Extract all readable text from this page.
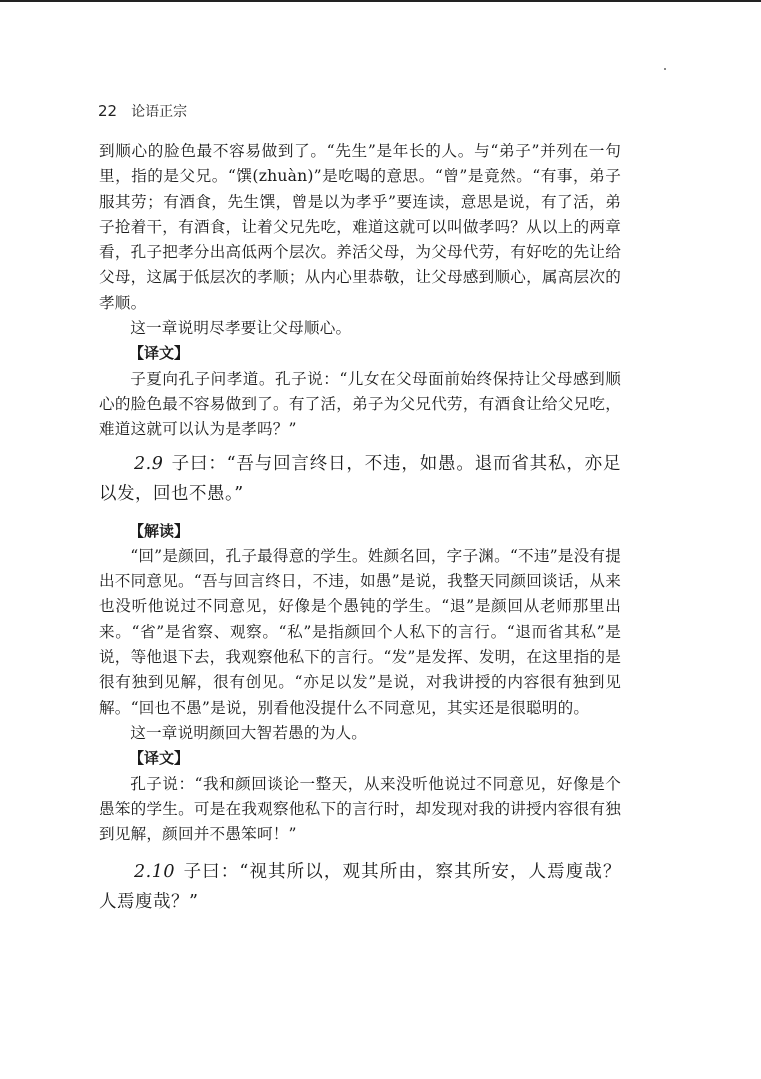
22 论语正宗

到顺心的脸色最不容易做到了。“先生”是年长的人。与“弟子”并列在一句里，指的是父兄。“馔(zhuàn)”是吃喝的意思。“曾”是竟然。“有事，弟子服其劳；有酒食，先生馔，曾是以为孝乎”要连读，意思是说，有了活，弟子抢着干，有酒食，让着父兄先吃，难道这就可以叫做孝吗？从以上的两章看，孔子把孝分出高低两个层次。养活父母，为父母代劳，有好吃的先让给父母，这属于低层次的孝顺；从内心里恭敬，让父母感到顺心，属高层次的孝顺。

这一章说明尽孝要让父母顺心。

【译文】

子夏向孔子问孝道。孔子说：“儿女在父母面前始终保持让父母感到顺心的脸色最不容易做到了。有了活，弟子为父兄代劳，有酒食让给父兄吃，难道这就可以认为是孝吗？”

2.9 子曰：“吾与回言终日，不违，如愚。退而省其私，亦足以发，回也不愚。”

【解读】

“回”是颜回，孔子最得意的学生。姓颜名回，字子渊。“不违”是没有提出不同意见。“吾与回言终日，不违，如愚”是说，我整天同颜回谈话，从来也没听他说过不同意见，好像是个愚钝的学生。“退”是颜回从老师那里出来。“省”是省察、观察。“私”是指颜回个人私下的言行。“退而省其私”是说，等他退下去，我观察他私下的言行。“发”是发挥、发明，在这里指的是很有独到见解，很有创见。“亦足以发”是说，对我讲授的内容很有独到见解。“回也不愚”是说，别看他没提什么不同意见，其实还是很聪明的。

这一章说明颜回大智若愚的为人。

【译文】

孔子说：“我和颜回谈论一整天，从来没听他说过不同意见，好像是个愚笨的学生。可是在我观察他私下的言行时，却发现对我的讲授内容很有独到见解，颜回并不愚笨呵！”

2.10 子曰：“视其所以，观其所由，察其所安，人焉廋哉？人焉廋哉？”
